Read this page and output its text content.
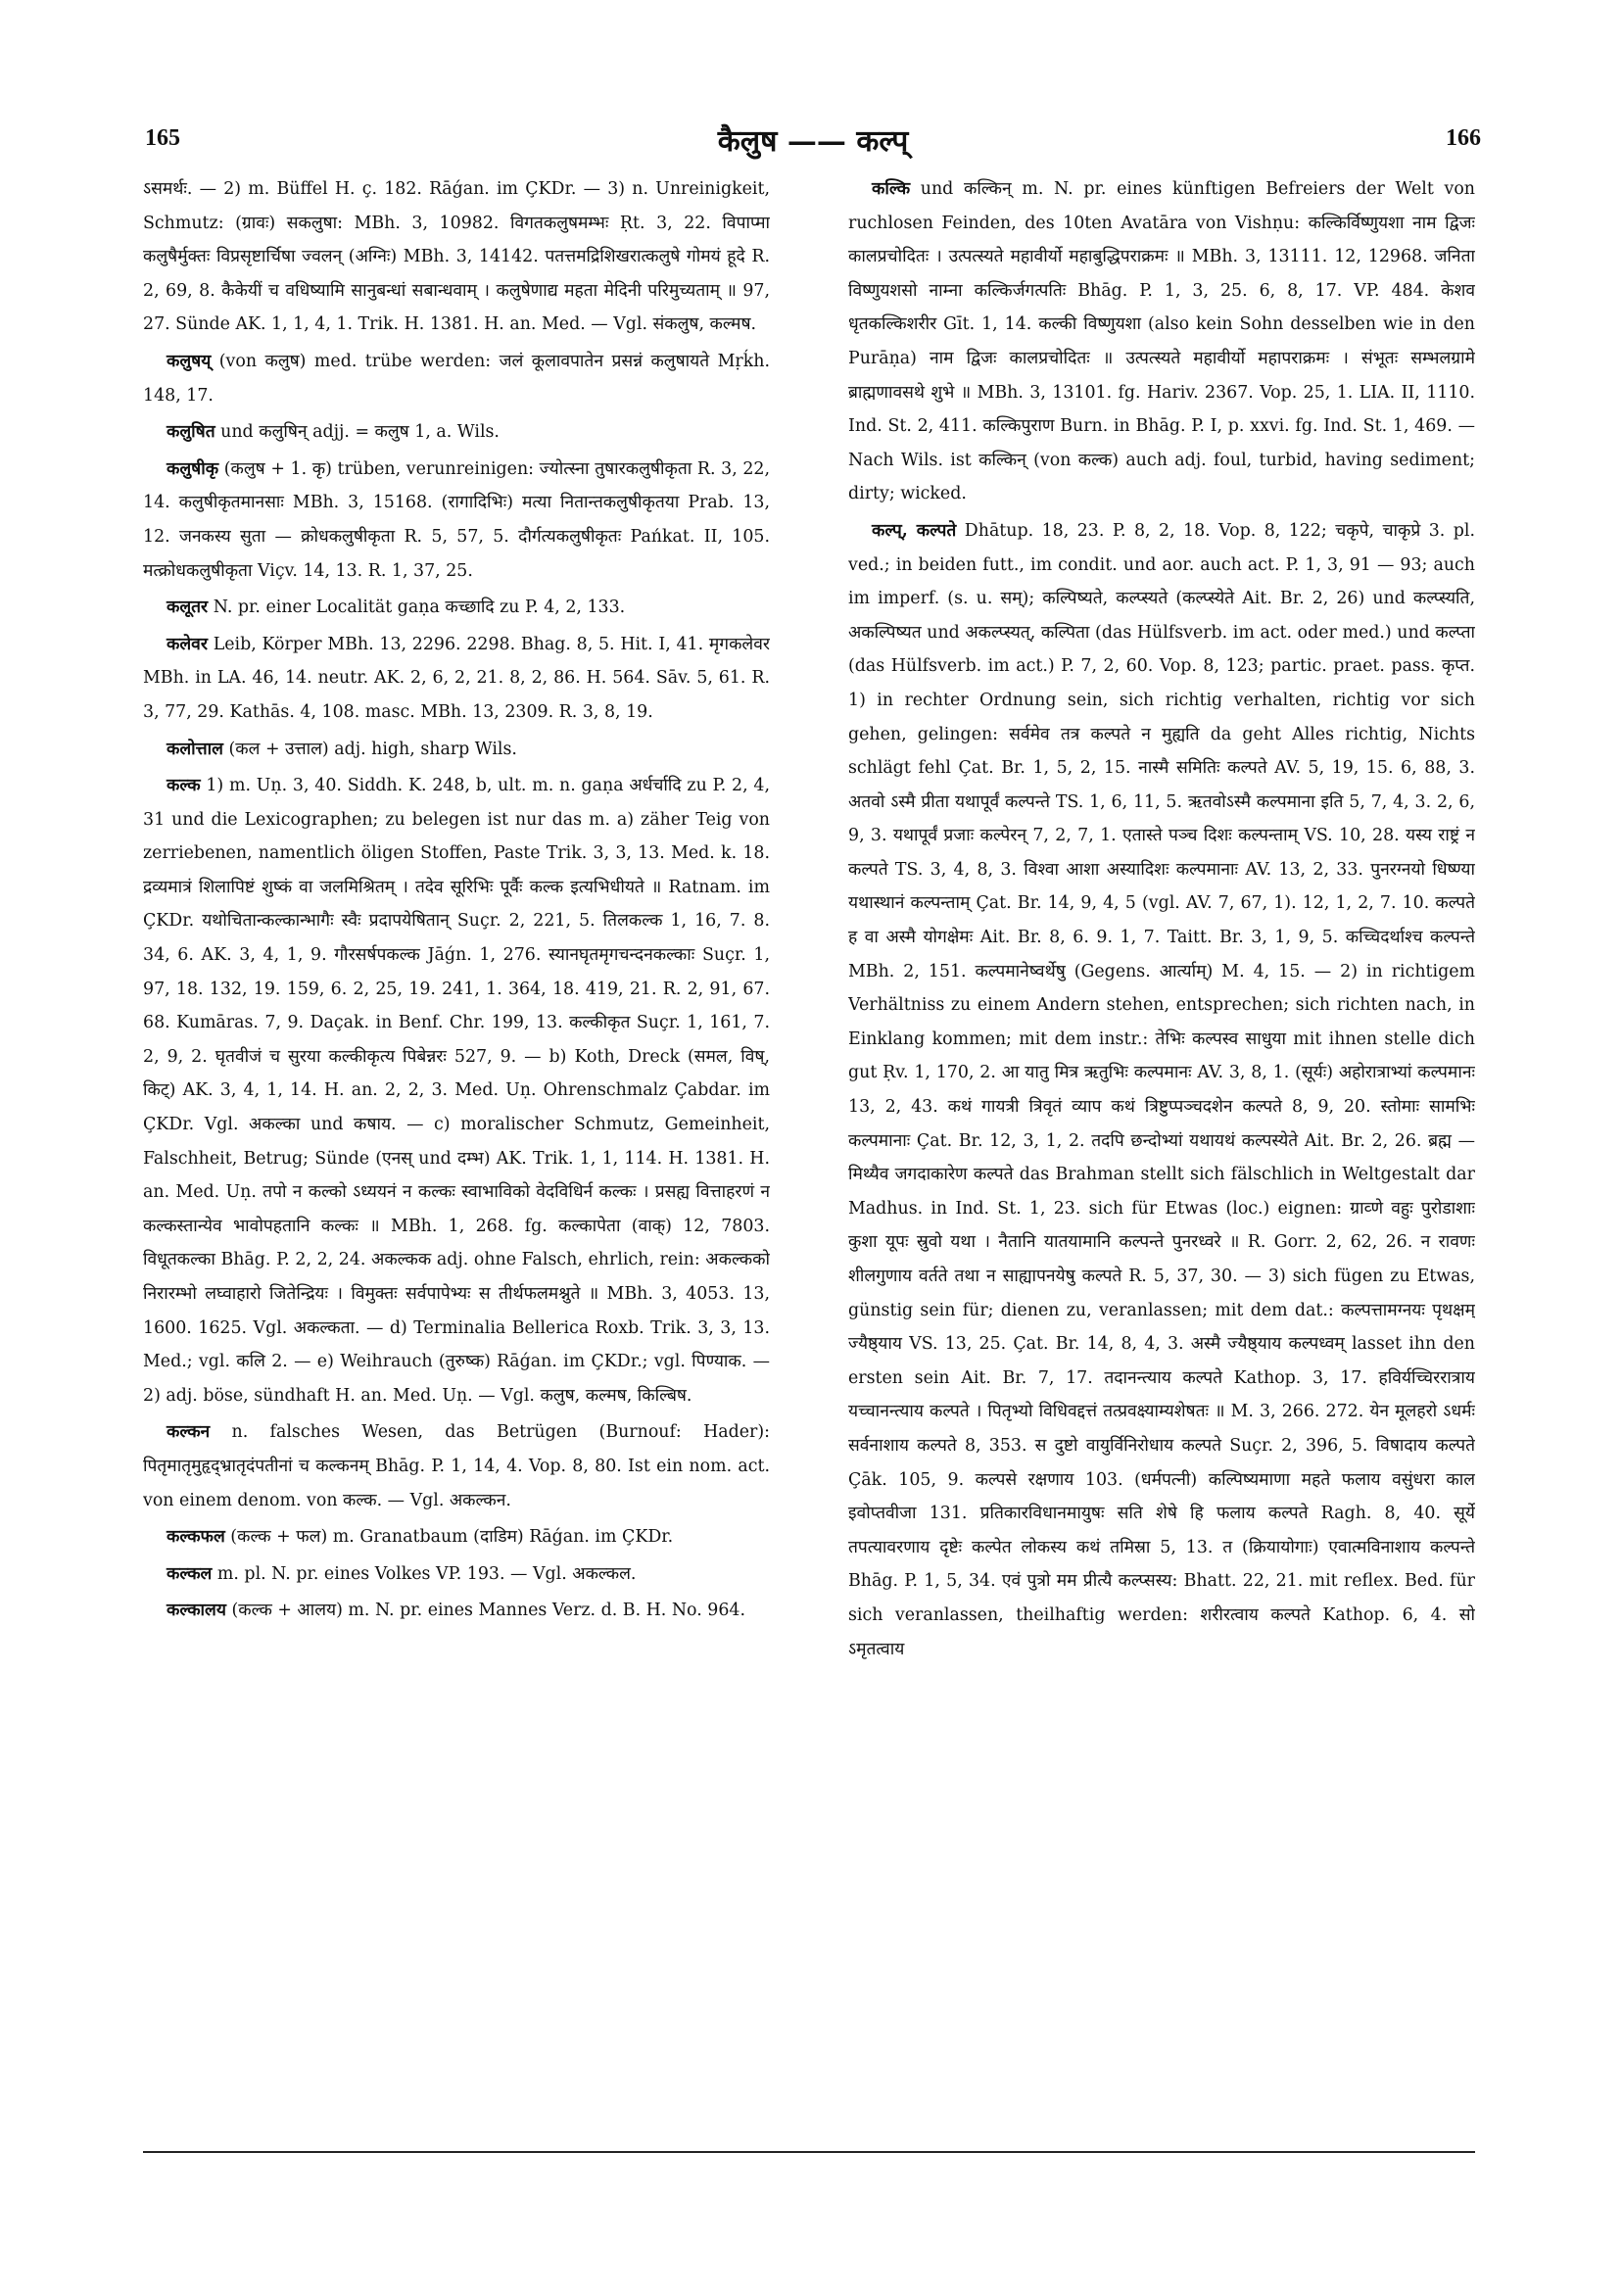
165	कैलुष —— कल्प्	166

ऽसमर्थः. — 2) m. Büffel H. ç. 182. Rāǵan. im ÇKDr. — 3) n. Unreinigkeit, Schmutz: (ग्रावः) सकलुषा: MBh. 3, 10982. विगतकलुषमम्भः Ṛt. 3, 22. विपाप्मा कलुषैर्मुक्तः विप्रसृष्टार्चिषा ज्वलन् (अग्निः) MBh. 3, 14142. पतत्तमद्रिशिखरात्कलुषे गोमयं हूदे R. 2, 69, 8. कैकेयीं च वधिष्यामि सानुबन्धां सबान्धवाम् । कलुषेणाद्य महता मेदिनी परिमुच्यताम् ॥ 97, 27. Sünde AK. 1, 1, 4, 1. Trik. H. 1381. H. an. Med. — Vgl. संकलुष, कल्मष.

कलुषय् (von कलुष) med. trübe werden: जलं कूलावपातेन प्रसन्नं कलुषायते Mṛḱh. 148, 17.

कलुषित und कलुषिन् adjj. = कलुष 1, a. Wils.

कलुषीकृ (कलुष + 1. कृ) trüben, verunreinigen: ज्योत्स्ना तुषारकलुषीकृता R. 3, 22, 14. कलुषीकृतमानसाः MBh. 3, 15168. (रागादिभिः) मत्या नितान्तकलुषीकृतया Prab. 13, 12. जनकस्य सुता — क्रोधकलुषीकृता R. 5, 57, 5. दौर्गत्यकलुषीकृतः Pańkat. II, 105. मत्क्रोधकलुषीकृता Viçv. 14, 13. R. 1, 37, 25.

कलूतर N. pr. einer Localität gaṇa कच्छादि zu P. 4, 2, 133.

कलेवर Leib, Körper MBh. 13, 2296. 2298. Bhag. 8, 5. Hit. I, 41. मृगकलेवर MBh. in LA. 46, 14. neutr. AK. 2, 6, 2, 21. 8, 2, 86. H. 564. Sāv. 5, 61. R. 3, 77, 29. Kathās. 4, 108. masc. MBh. 13, 2309. R. 3, 8, 19.

कलोत्ताल (कल + उत्ताल) adj. high, sharp Wils.

कल्क 1) m. Uṇ. 3, 40. Siddh. K. 248, b, ult. m. n. gaṇa अर्धर्चादि zu P. 2, 4, 31 und die Lexicographen; zu belegen ist nur das m. a) zäher Teig von zerriebenen, namentlich öligen Stoffen, Paste Trik. 3, 3, 13. Med. k. 18. द्रव्यमात्रं शिलापिष्टं शुष्कं वा जलमिश्रितम् । तदेव सूरिभिः पूर्वैः कल्क इत्यभिधीयते ॥ Ratnam. im ÇKDr. यथोचितान्कल्कान्भागैः स्वैः प्रदापयेषितान् Suçr. 2, 221, 5. तिलकल्क 1, 16, 7. 8. 34, 6. AK. 3, 4, 1, 9. गौरसर्षपकल्क Jāǵn. 1, 276. स्यानघृतमृगचन्दनकल्काः Suçr. 1, 97, 18. 132, 19. 159, 6. 2, 25, 19. 241, 1. 364, 18. 419, 21. R. 2, 91, 67. 68. Kumāras. 7, 9. Daçak. in Benf. Chr. 199, 13. कल्कीकृत Suçr. 1, 161, 7. 2, 9, 2. घृतवीजं च सुरया कल्कीकृत्य पिबेन्नरः 527, 9. — b) Koth, Dreck (समल, विष्, किट्) AK. 3, 4, 1, 14. H. an. 2, 2, 3. Med. Uṇ. Ohrenschmalz Çabdar. im ÇKDr. Vgl. अकल्का und कषाय. — c) moralischer Schmutz, Gemeinheit, Falschheit, Betrug; Sünde (एनस् und दम्भ) AK. Trik. 1, 1, 114. H. 1381. H. an. Med. Uṇ. तपो न कल्को ऽध्ययनं न कल्कः स्वाभाविको वेदविधिर्न कल्कः । प्रसह्य वित्ताहरणं न कल्कस्तान्येव भावोपहतानि कल्कः ॥ MBh. 1, 268. fg. कल्कापेता (वाक्) 12, 7803. विधूतकल्का Bhāg. P. 2, 2, 24. अकल्कक adj. ohne Falsch, ehrlich, rein: अकल्कको निरारम्भो लघ्वाहारो जितेन्द्रियः । विमुक्तः सर्वपापेभ्यः स तीर्थफलमश्नुते ॥ MBh. 3, 4053. 13, 1600. 1625. Vgl. अकल्कता. — d) Terminalia Bellerica Roxb. Trik. 3, 3, 13. Med.; vgl. कलि 2. — e) Weihrauch (तुरुष्क) Rāǵan. im ÇKDr.; vgl. पिण्याक. — 2) adj. böse, sündhaft H. an. Med. Uṇ. — Vgl. कलुष, कल्मष, किल्बिष.

कल्कन n. falsches Wesen, das Betrügen (Burnouf: Hader): पितृमातृमुहृद्भ्रातृदंपतीनां च कल्कनम् Bhāg. P. 1, 14, 4. Vop. 8, 80. Ist ein nom. act. von einem denom. von कल्क. — Vgl. अकल्कन.

कल्कफल (कल्क + फल) m. Granatbaum (दाडिम) Rāǵan. im ÇKDr.

कल्कल m. pl. N. pr. eines Volkes VP. 193. — Vgl. अकल्कल.

कल्कालय (कल्क + आलय) m. N. pr. eines Mannes Verz. d. B. H. No. 964.

कल्कि und कल्किन् m. N. pr. eines künftigen Befreiers der Welt von ruchlosen Feinden, des 10ten Avatāra von Vishṇu: कल्किर्विष्णुयशा नाम द्विजः कालप्रचोदितः । उत्पत्स्यते महावीर्यो महाबुद्धिपराक्रमः ॥ MBh. 3, 13111. 12, 12968. जनिता विष्णुयशसो नाम्ना कल्किर्जगत्पतिः Bhāg. P. 1, 3, 25. 6, 8, 17. VP. 484. केशव धृतकल्किशरीर Gīt. 1, 14. कल्की विष्णुयशा (also kein Sohn desselben wie in den Purāṇa) नाम द्विजः कालप्रचोदितः ॥ उत्पत्स्यते महावीर्यो महापराक्रमः । संभूतः सम्भलग्रामे ब्राह्मणावसथे शुभे ॥ MBh. 3, 13101. fg. Hariv. 2367. Vop. 25, 1. LIA. II, 1110. Ind. St. 2, 411. कल्किपुराण Burn. in Bhāg. P. I, p. xxvi. fg. Ind. St. 1, 469. — Nach Wils. ist कल्किन् (von कल्क) auch adj. foul, turbid, having sediment; dirty; wicked.

कल्प्, कल्पते Dhātup. 18, 23. P. 8, 2, 18. Vop. 8, 122; चकृपे, चाकृप्रे 3. pl. ved.; in beiden futt., im condit. und aor. auch act. P. 1, 3, 91 — 93; auch im imperf. (s. u. सम्); कल्पिष्यते, कल्प्स्यते (कल्प्स्येते Ait. Br. 2, 26) und कल्प्स्यति, अकल्पिष्यत und अकल्प्स्यत्, कल्पिता (das Hülfsverb. im act. oder med.) und कल्प्ता (das Hülfsverb. im act.) P. 7, 2, 60. Vop. 8, 123; partic. praet. pass. कृप्त. 1) in rechter Ordnung sein, sich richtig verhalten, richtig vor sich gehen, gelingen: सर्वमेव तत्र कल्पते न मुह्यति da geht Alles richtig, Nichts schlägt fehl Çat. Br. 1, 5, 2, 15. नास्मै समितिः कल्पते AV. 5, 19, 15. 6, 88, 3. अतवो ऽस्मै प्रीता यथापूर्वं कल्पन्ते TS. 1, 6, 11, 5. ऋतवोऽस्मै कल्पमाना इति 5, 7, 4, 3. 2, 6, 9, 3. यथापूर्वं प्रजाः कल्पेरन् 7, 2, 7, 1. एतास्ते पञ्च दिशः कल्पन्ताम् VS. 10, 28. यस्य राष्ट्रं न कल्पते TS. 3, 4, 8, 3. विश्वा आशा अस्यादिशः कल्पमानाः AV. 13, 2, 33. पुनरग्नयो धिष्ण्या यथास्थानं कल्पन्ताम् Çat. Br. 14, 9, 4, 5 (vgl. AV. 7, 67, 1). 12, 1, 2, 7. 10. कल्पते ह वा अस्मै योगक्षेमः Ait. Br. 8, 6. 9. 1, 7. Taitt. Br. 3, 1, 9, 5. कच्चिदर्थाश्च कल्पन्ते MBh. 2, 151. कल्पमानेष्वर्थेषु (Gegens. आर्त्याम्) M. 4, 15. — 2) in richtigem Verhältniss zu einem Andern stehen, entsprechen; sich richten nach, in Einklang kommen; mit dem instr.: तेभिः कल्पस्व साधुया mit ihnen stelle dich gut Ṛv. 1, 170, 2. आ यातु मित्र ऋतुभिः कल्पमानः AV. 3, 8, 1. (सूर्यः) अहोरात्राभ्यां कल्पमानः 13, 2, 43. कथं गायत्री त्रिवृतं व्याप कथं त्रिष्टुप्पञ्चदशेन कल्पते 8, 9, 20. स्तोमाः सामभिः कल्पमानाः Çat. Br. 12, 3, 1, 2. तदपि छन्दोभ्यां यथायथं कल्पस्येते Ait. Br. 2, 26. ब्रह्म — मिथ्यैव जगदाकारेण कल्पते das Brahman stellt sich fälschlich in Weltgestalt dar Madhus. in Ind. St. 1, 23. sich für Etwas (loc.) eignen: ग्राव्णे वहुः पुरोडाशाः कुशा यूपः स्रुवो यथा । नैतानि यातयामानि कल्पन्ते पुनरध्वरे ॥ R. Gorr. 2, 62, 26. न रावणः शीलगुणाय वर्तते तथा न साह्यापनयेषु कल्पते R. 5, 37, 30. — 3) sich fügen zu Etwas, günstig sein für; dienen zu, veranlassen; mit dem dat.: कल्पत्तामग्नयः पृथक्षम् ज्यैष्ठ्याय VS. 13, 25. Çat. Br. 14, 8, 4, 3. अस्मै ज्यैष्ठ्याय कल्पध्वम् lasset ihn den ersten sein Ait. Br. 7, 17. तदानन्त्याय कल्पते Kathop. 3, 17. हविर्यच्चिररात्राय यच्चानन्त्याय कल्पते । पितृभ्यो विधिवद्दत्तं तत्प्रवक्ष्याम्यशेषतः ॥ M. 3, 266. 272. येन मूलहरो ऽधर्मः सर्वनाशाय कल्पते 8, 353. स दुष्टो वायुर्विनिरोधाय कल्पते Suçr. 2, 396, 5. विषादाय कल्पते Çāk. 105, 9. कल्पसे रक्षणाय 103. (धर्मपत्नी) कल्पिष्यमाणा महते फलाय वसुंधरा काल इवोप्तवीजा 131. प्रतिकारविधानमायुषः सति शेषे हि फलाय कल्पते Ragh. 8, 40. सूर्ये तपत्यावरणाय दृष्टेः कल्पेत लोकस्य कथं तमिस्रा 5, 13. त (क्रियायोगाः) एवात्मविनाशाय कल्पन्ते Bhāg. P. 1, 5, 34. एवं पुत्रो मम प्रीत्यै कल्प्सस्य: Bhatt. 22, 21. mit reflex. Bed. für sich veranlassen, theilhaftig werden: शरीरत्वाय कल्पते Kathop. 6, 4. सो ऽमृतत्वाय
